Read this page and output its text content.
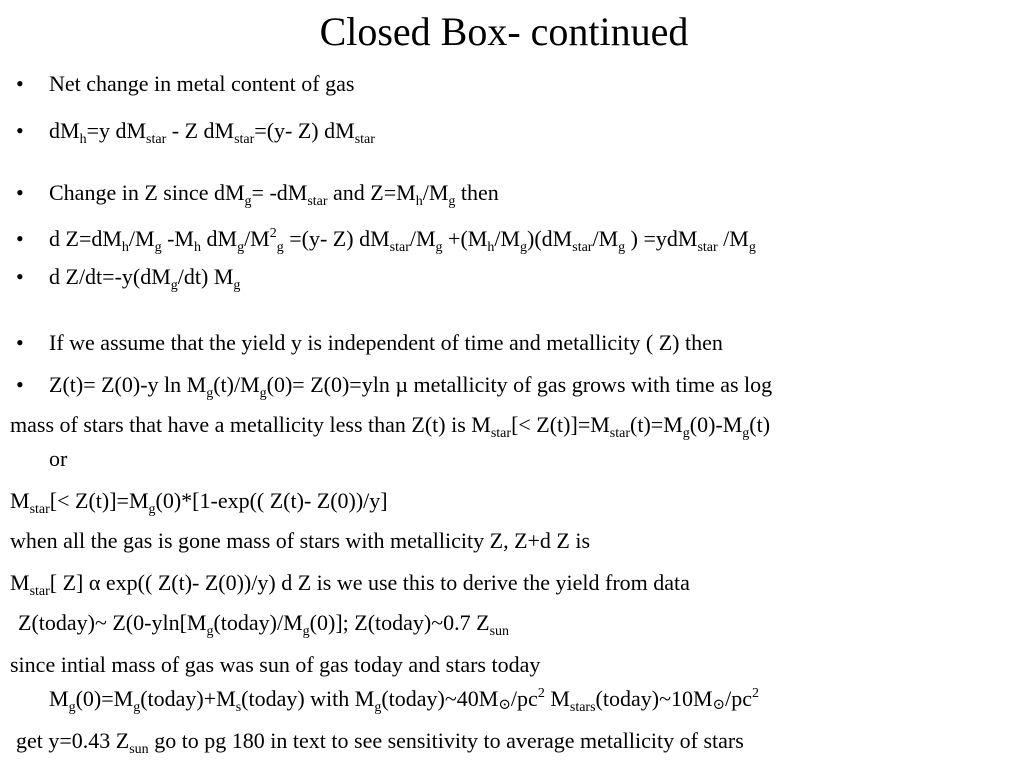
Closed Box- continued
• Net change in metal content of gas
• $dM_h=y$ $dM_{star}$ - Z $dM_{star}=(y-$ Z) $dM_{star}$
• Change in Z since $dM_g= -dM_{star}$ and $Z=M_h/M_g$ then
• d $Z=dM_h/M_g$ $-M_h$ $dM_g/M^2_g =(y-$ Z) $dM_{star}/M_g +(M_h/M_g)(dM_{star}/M_g$ ) =ydM$_{star}$ $/M_g$
• d $Z/dt=-y(dM_g/dt)$ $M_g$
• If we assume that the yield y is independent of time and metallicity ( Z) then
• Z(t)= Z(0)-y $\ln M_g(t)/M_g(0)= Z(0)=yln$ µ metallicity of gas grows with time as log
mass of stars that have a metallicity less than Z(t) is $M_{star}[< Z(t)]=M_{star}(t)=M_g(0)-M_g(t)$
or
$M_{star}[< Z(t)]=M_g(0)*[1-\exp$(( Z(t)- Z(0))/y]
when all the gas is gone mass of stars with metallicity Z, Z+d Z is
$M_{star}$[ Z] α exp(( Z(t)- Z(0))/y) d Z is we use this to derive the yield from data
Z(today)~ $Z(0-yln[M_g(today)/M_g(0)]$; Z(today)~0.7 $Z_{sun}$
since intial mass of gas was sun of gas today and stars today
$M_g(0)=M_g(today)+M_s(today)$ with $M_g(today)\sim 40M⊙/pc^2$ $M_{stars}(today)\sim 10M⊙/pc^2$
get y=0.43 $Z_{sun}$ go to pg 180 in text to see sensitivity to average metallicity of stars
